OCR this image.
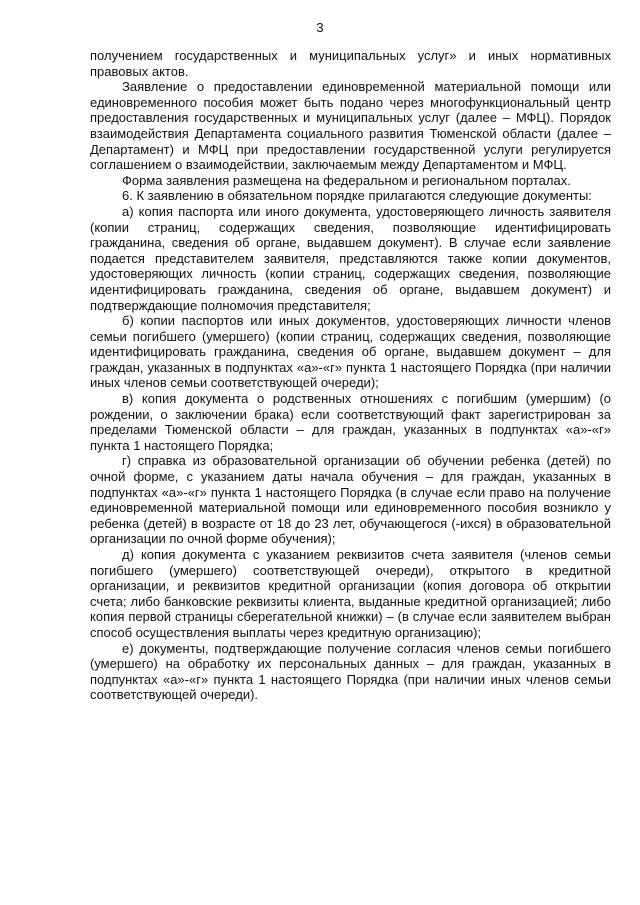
3

получением государственных и муниципальных услуг» и иных нормативных правовых актов.

Заявление о предоставлении единовременной материальной помощи или единовременного пособия может быть подано через многофункциональный центр предоставления государственных и муниципальных услуг (далее – МФЦ). Порядок взаимодействия Департамента социального развития Тюменской области (далее – Департамент) и МФЦ при предоставлении государственной услуги регулируется соглашением о взаимодействии, заключаемым между Департаментом и МФЦ.

Форма заявления размещена на федеральном и региональном порталах.

6. К заявлению в обязательном порядке прилагаются следующие документы:

а) копия паспорта или иного документа, удостоверяющего личность заявителя (копии страниц, содержащих сведения, позволяющие идентифицировать гражданина, сведения об органе, выдавшем документ). В случае если заявление подается представителем заявителя, представляются также копии документов, удостоверяющих личность (копии страниц, содержащих сведения, позволяющие идентифицировать гражданина, сведения об органе, выдавшем документ) и подтверждающие полномочия представителя;

б) копии паспортов или иных документов, удостоверяющих личности членов семьи погибшего (умершего) (копии страниц, содержащих сведения, позволяющие идентифицировать гражданина, сведения об органе, выдавшем документ – для граждан, указанных в подпунктах «а»-«г» пункта 1 настоящего Порядка (при наличии иных членов семьи соответствующей очереди);

в) копия документа о родственных отношениях с погибшим (умершим) (о рождении, о заключении брака) если соответствующий факт зарегистрирован за пределами Тюменской области – для граждан, указанных в подпунктах «а»-«г» пункта 1 настоящего Порядка;

г) справка из образовательной организации об обучении ребенка (детей) по очной форме, с указанием даты начала обучения – для граждан, указанных в подпунктах «а»-«г» пункта 1 настоящего Порядка (в случае если право на получение единовременной материальной помощи или единовременного пособия возникло у ребенка (детей) в возрасте от 18 до 23 лет, обучающегося (-ихся) в образовательной организации по очной форме обучения);

д) копия документа с указанием реквизитов счета заявителя (членов семьи погибшего (умершего) соответствующей очереди), открытого в кредитной организации, и реквизитов кредитной организации (копия договора об открытии счета; либо банковские реквизиты клиента, выданные кредитной организацией; либо копия первой страницы сберегательной книжки) – (в случае если заявителем выбран способ осуществления выплаты через кредитную организацию);

е) документы, подтверждающие получение согласия членов семьи погибшего (умершего) на обработку их персональных данных – для граждан, указанных в подпунктах «а»-«г» пункта 1 настоящего Порядка (при наличии иных членов семьи соответствующей очереди).
